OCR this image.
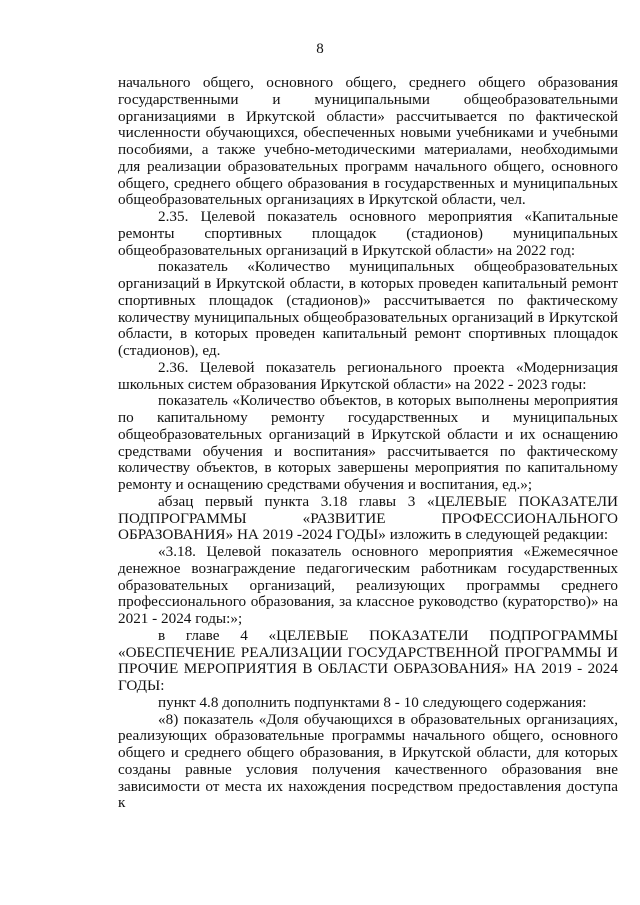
8

начального общего, основного общего, среднего общего образования государственными и муниципальными общеобразовательными организациями в Иркутской области» рассчитывается по фактической численности обучающихся, обеспеченных новыми учебниками и учебными пособиями, а также учебно-методическими материалами, необходимыми для реализации образовательных программ начального общего, основного общего, среднего общего образования в государственных и муниципальных общеобразовательных организациях в Иркутской области, чел.

2.35. Целевой показатель основного мероприятия «Капитальные ремонты спортивных площадок (стадионов) муниципальных общеобразовательных организаций в Иркутской области» на 2022 год:

показатель «Количество муниципальных общеобразовательных организаций в Иркутской области, в которых проведен капитальный ремонт спортивных площадок (стадионов)» рассчитывается по фактическому количеству муниципальных общеобразовательных организаций в Иркутской области, в которых проведен капитальный ремонт спортивных площадок (стадионов), ед.

2.36. Целевой показатель регионального проекта «Модернизация школьных систем образования Иркутской области» на 2022 - 2023 годы:

показатель «Количество объектов, в которых выполнены мероприятия по капитальному ремонту государственных и муниципальных общеобразовательных организаций в Иркутской области и их оснащению средствами обучения и воспитания» рассчитывается по фактическому количеству объектов, в которых завершены мероприятия по капитальному ремонту и оснащению средствами обучения и воспитания, ед.»;

абзац первый пункта 3.18 главы 3 «ЦЕЛЕВЫЕ ПОКАЗАТЕЛИ ПОДПРОГРАММЫ «РАЗВИТИЕ ПРОФЕССИОНАЛЬНОГО ОБРАЗОВАНИЯ» НА 2019 -2024 ГОДЫ» изложить в следующей редакции:

«3.18. Целевой показатель основного мероприятия «Ежемесячное денежное вознаграждение педагогическим работникам государственных образовательных организаций, реализующих программы среднего профессионального образования, за классное руководство (кураторство)» на 2021 - 2024 годы:»;

в главе 4 «ЦЕЛЕВЫЕ ПОКАЗАТЕЛИ ПОДПРОГРАММЫ «ОБЕСПЕЧЕНИЕ РЕАЛИЗАЦИИ ГОСУДАРСТВЕННОЙ ПРОГРАММЫ И ПРОЧИЕ МЕРОПРИЯТИЯ В ОБЛАСТИ ОБРАЗОВАНИЯ» НА 2019 - 2024 ГОДЫ:

пункт 4.8 дополнить подпунктами 8 - 10 следующего содержания:

«8) показатель «Доля обучающихся в образовательных организациях, реализующих образовательные программы начального общего, основного общего и среднего общего образования, в Иркутской области, для которых созданы равные условия получения качественного образования вне зависимости от места их нахождения посредством предоставления доступа к
